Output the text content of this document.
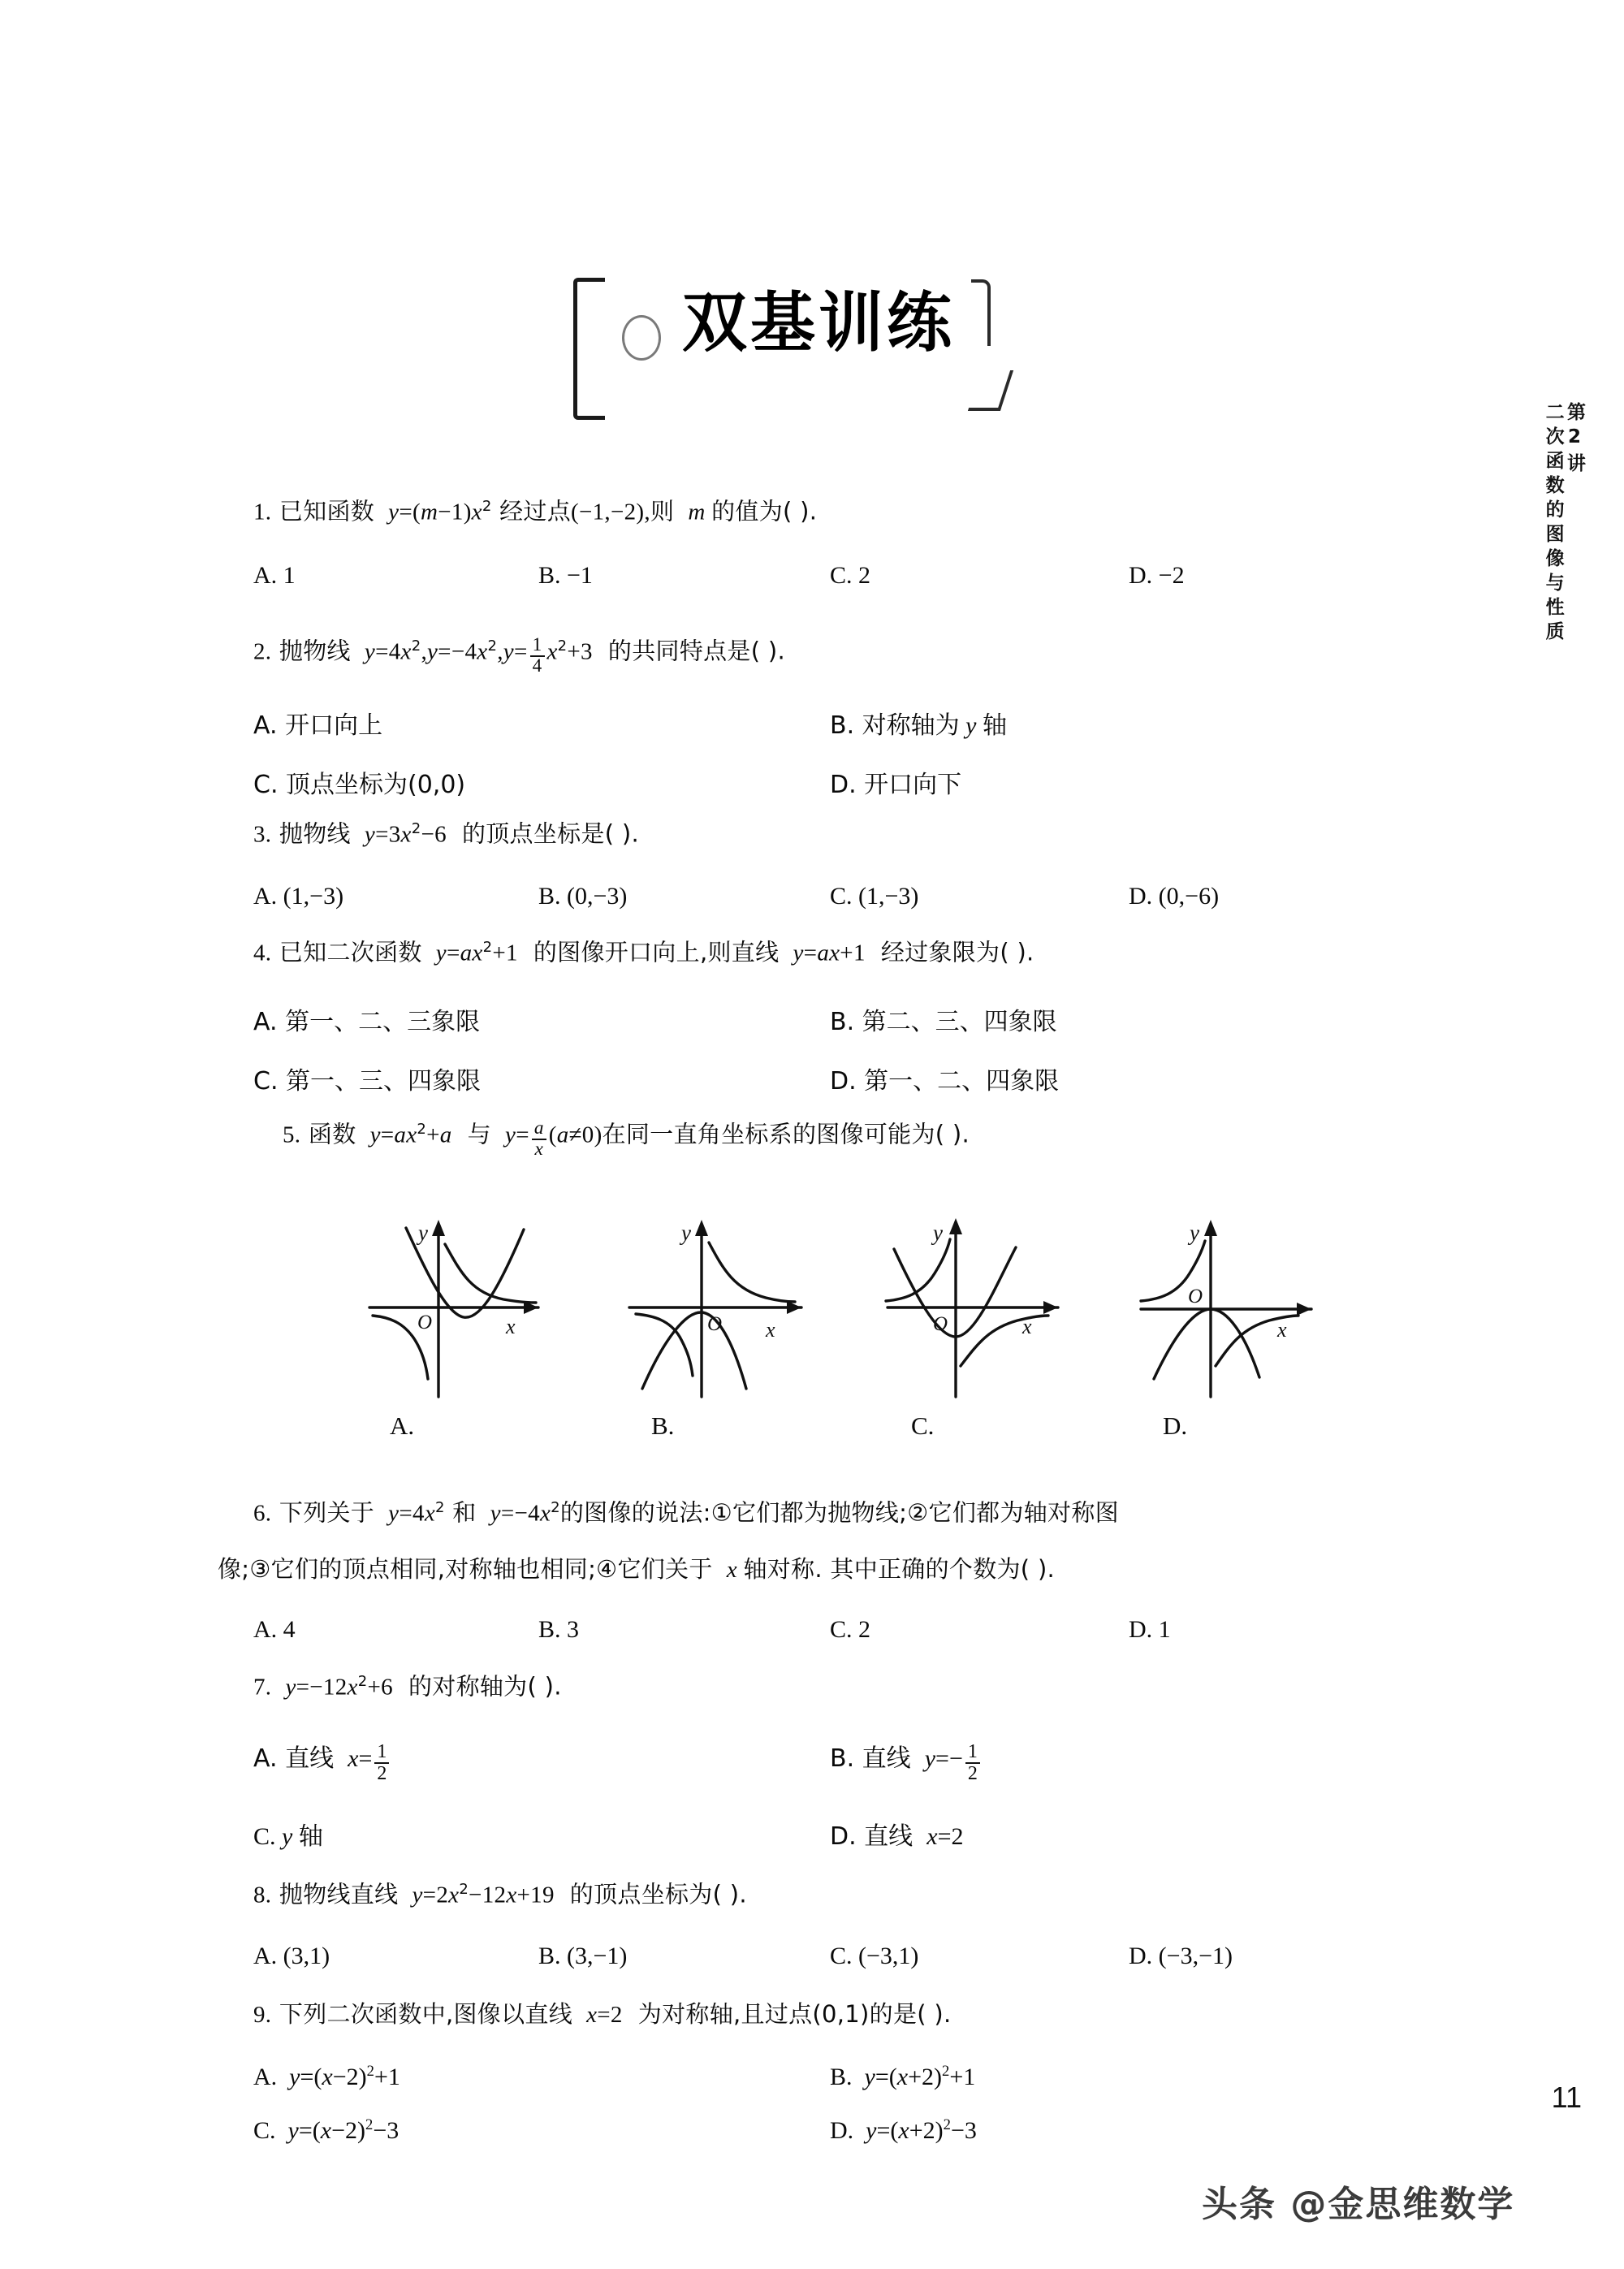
双基训练
第2讲
二次函数的图像与性质
1. 已知函数  $y=(m-1)x^2$ 经过点(−1,−2),则  m 的值为( ).
A. 1	B. −1	C. 2	D. −2
2. 抛物线  $y=4x^2,y=-4x^2,y= \frac{1}{4} x^2+3$ 的共同特点是( ).
A. 开口向上	B. 对称轴为 y 轴
C. 顶点坐标为(0,0)	D. 开口向下
3. 抛物线  $y=3x^2-6$ 的顶点坐标是( ).
A. (1,−3)	B. (0,−3)	C. (1,−3)	D. (0,−6)
4. 已知二次函数  $y=ax^2+1$ 的图像开口向上,则直线  y=ax+1 经过象限为( ).
A. 第一、二、三象限	B. 第二、三、四象限
C. 第一、三、四象限	D. 第一、二、四象限
5. 函数  $y=ax^2+a$ 与  $y= \frac{a}{x} (a\ne 0)$在同一直角坐标系的图像可能为( ).
O
y
x
A.
O
y
x
B.
O
y
x
C.
O
y
x
D.
6. 下列关于  $y=4x^2$ 和  $y=-4x^2$的图像的说法:①它们都为抛物线;②它们都为轴对称图
像;③它们的顶点相同,对称轴也相同;④它们关于  x 轴对称. 其中正确的个数为( ).
A. 4	B. 3	C. 2	D. 1
7.  $y=-12x^2+6$ 的对称轴为( ).
A. 直线  $x= \frac{1}{2}$	B. 直线  $y=- \frac{1}{2}$
C. y 轴	D. 直线  x=2
8. 抛物线直线  $y=2x^2-12x+19$ 的顶点坐标为( ).
A. (3,1)	B. (3,−1)	C. (−3,1)	D. (−3,−1)
9. 下列二次函数中,图像以直线  x=2 为对称轴,且过点(0,1)的是( ).
A.  $y=(x-2)^2+1$	B.  $y=(x+2)^2+1$
C.  $y=(x-2)^2-3$	D.  $y=(x+2)^2-3$
11
头条 @金思维数学
